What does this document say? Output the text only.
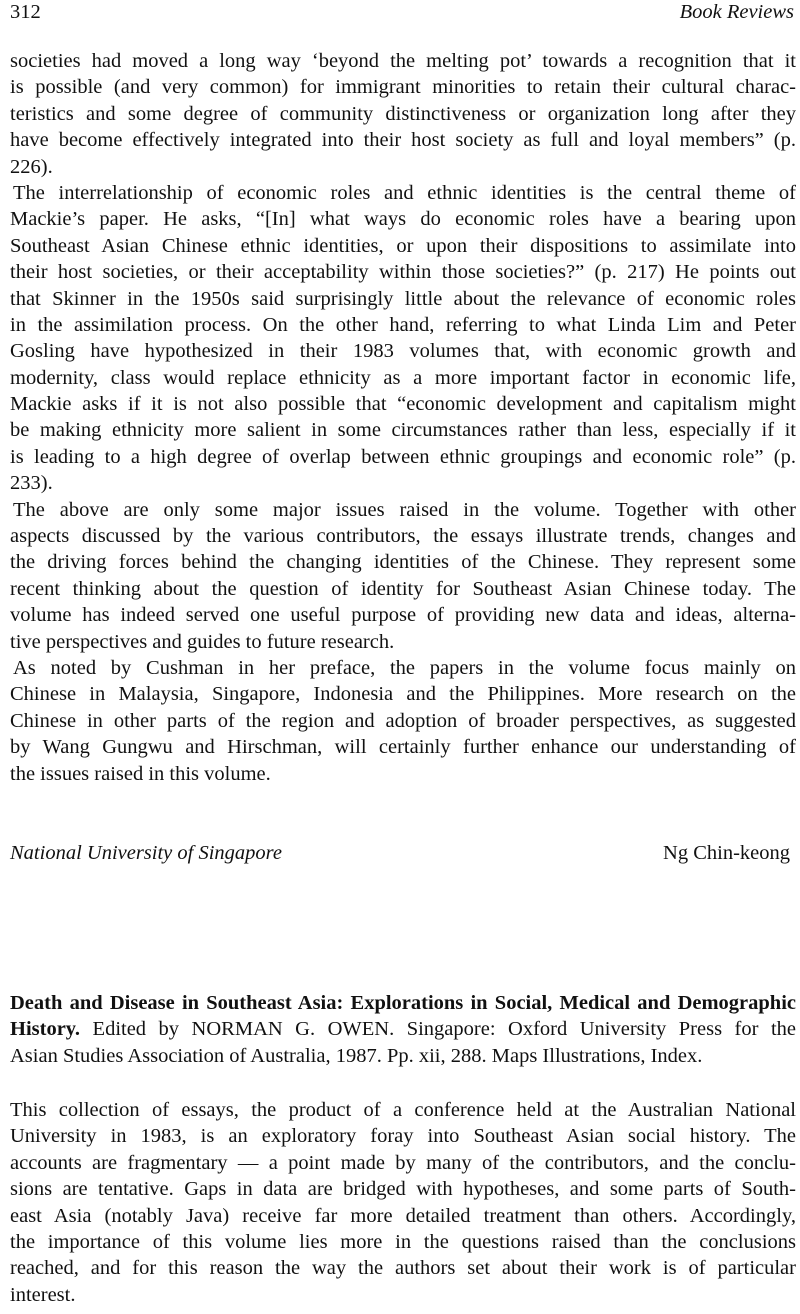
312	Book Reviews
societies had moved a long way ‘beyond the melting pot’ towards a recognition that it
is possible (and very common) for immigrant minorities to retain their cultural charac-
teristics and some degree of community distinctiveness or organization long after they
have become effectively integrated into their host society as full and loyal members” (p.
226).
The interrelationship of economic roles and ethnic identities is the central theme of
Mackie’s paper. He asks, “[In] what ways do economic roles have a bearing upon
Southeast Asian Chinese ethnic identities, or upon their dispositions to assimilate into
their host societies, or their acceptability within those societies?” (p. 217) He points out
that Skinner in the 1950s said surprisingly little about the relevance of economic roles
in the assimilation process. On the other hand, referring to what Linda Lim and Peter
Gosling have hypothesized in their 1983 volumes that, with economic growth and
modernity, class would replace ethnicity as a more important factor in economic life,
Mackie asks if it is not also possible that “economic development and capitalism might
be making ethnicity more salient in some circumstances rather than less, especially if it
is leading to a high degree of overlap between ethnic groupings and economic role” (p.
233).
The above are only some major issues raised in the volume. Together with other
aspects discussed by the various contributors, the essays illustrate trends, changes and
the driving forces behind the changing identities of the Chinese. They represent some
recent thinking about the question of identity for Southeast Asian Chinese today. The
volume has indeed served one useful purpose of providing new data and ideas, alterna-
tive perspectives and guides to future research.
As noted by Cushman in her preface, the papers in the volume focus mainly on
Chinese in Malaysia, Singapore, Indonesia and the Philippines. More research on the
Chinese in other parts of the region and adoption of broader perspectives, as suggested
by Wang Gungwu and Hirschman, will certainly further enhance our understanding of
the issues raised in this volume.
National University of Singapore	Ng Chin-keong
Death and Disease in Southeast Asia: Explorations in Social, Medical and Demographic
History. Edited by NORMAN G. OWEN. Singapore: Oxford University Press for the
Asian Studies Association of Australia, 1987. Pp. xii, 288. Maps Illustrations, Index.
This collection of essays, the product of a conference held at the Australian National
University in 1983, is an exploratory foray into Southeast Asian social history. The
accounts are fragmentary — a point made by many of the contributors, and the conclu-
sions are tentative. Gaps in data are bridged with hypotheses, and some parts of South-
east Asia (notably Java) receive far more detailed treatment than others. Accordingly,
the importance of this volume lies more in the questions raised than the conclusions
reached, and for this reason the way the authors set about their work is of particular
interest.
